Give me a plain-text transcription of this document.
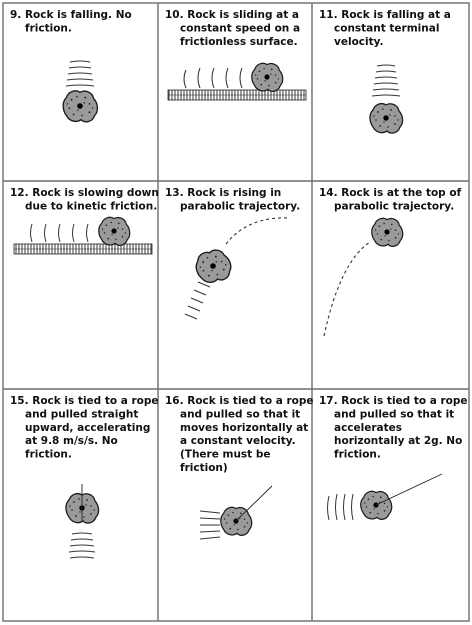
9. Rock is falling. No friction.
10. Rock is sliding at a constant speed on a frictionless surface.
11. Rock is falling at a constant terminal velocity.
12. Rock is slowing down due to kinetic friction.
13. Rock is rising in parabolic trajectory.
14. Rock is at the top of parabolic trajectory.
15. Rock is tied to a rope and pulled straight upward, accelerating at 9.8 m/s/s. No friction.
16. Rock is tied to a rope and pulled so that it moves horizontally at a constant velocity. (There must be friction)
17. Rock is tied to a rope and pulled so that it accelerates horizontally at 2g. No friction.
